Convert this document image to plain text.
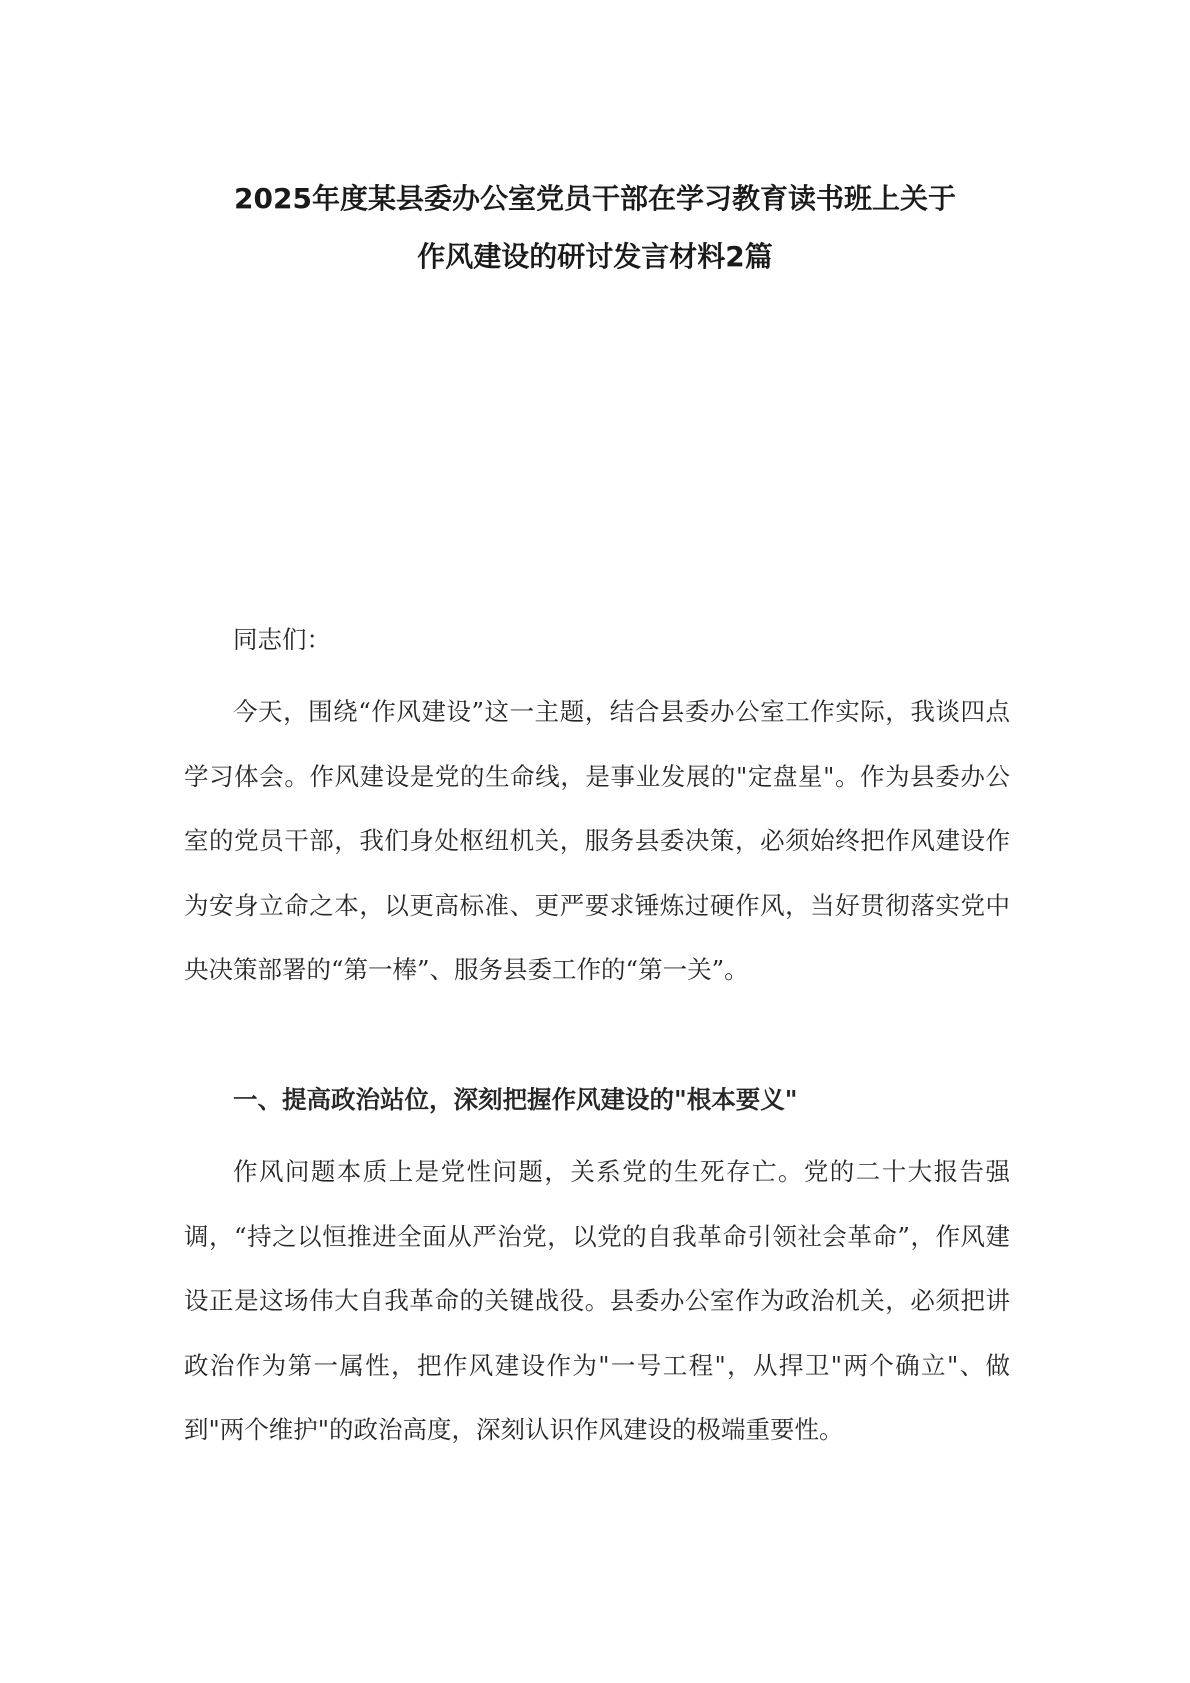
2025年度某县委办公室党员干部在学习教育读书班上关于
作风建设的研讨发言材料2篇

同志们：

今天，围绕“作风建设”这一主题，结合县委办公室工作实际，我谈四点学习体会。作风建设是党的生命线，是事业发展的"定盘星"。作为县委办公室的党员干部，我们身处枢纽机关，服务县委决策，必须始终把作风建设作为安身立命之本，以更高标准、更严要求锤炼过硬作风，当好贯彻落实党中央决策部署的“第一棒”、服务县委工作的“第一关”。

一、提高政治站位，深刻把握作风建设的"根本要义"

作风问题本质上是党性问题，关系党的生死存亡。党的二十大报告强调，“持之以恒推进全面从严治党，以党的自我革命引领社会革命”，作风建设正是这场伟大自我革命的关键战役。县委办公室作为政治机关，必须把讲政治作为第一属性，把作风建设作为"一号工程"，从捍卫"两个确立"、做到"两个维护"的政治高度，深刻认识作风建设的极端重要性。
